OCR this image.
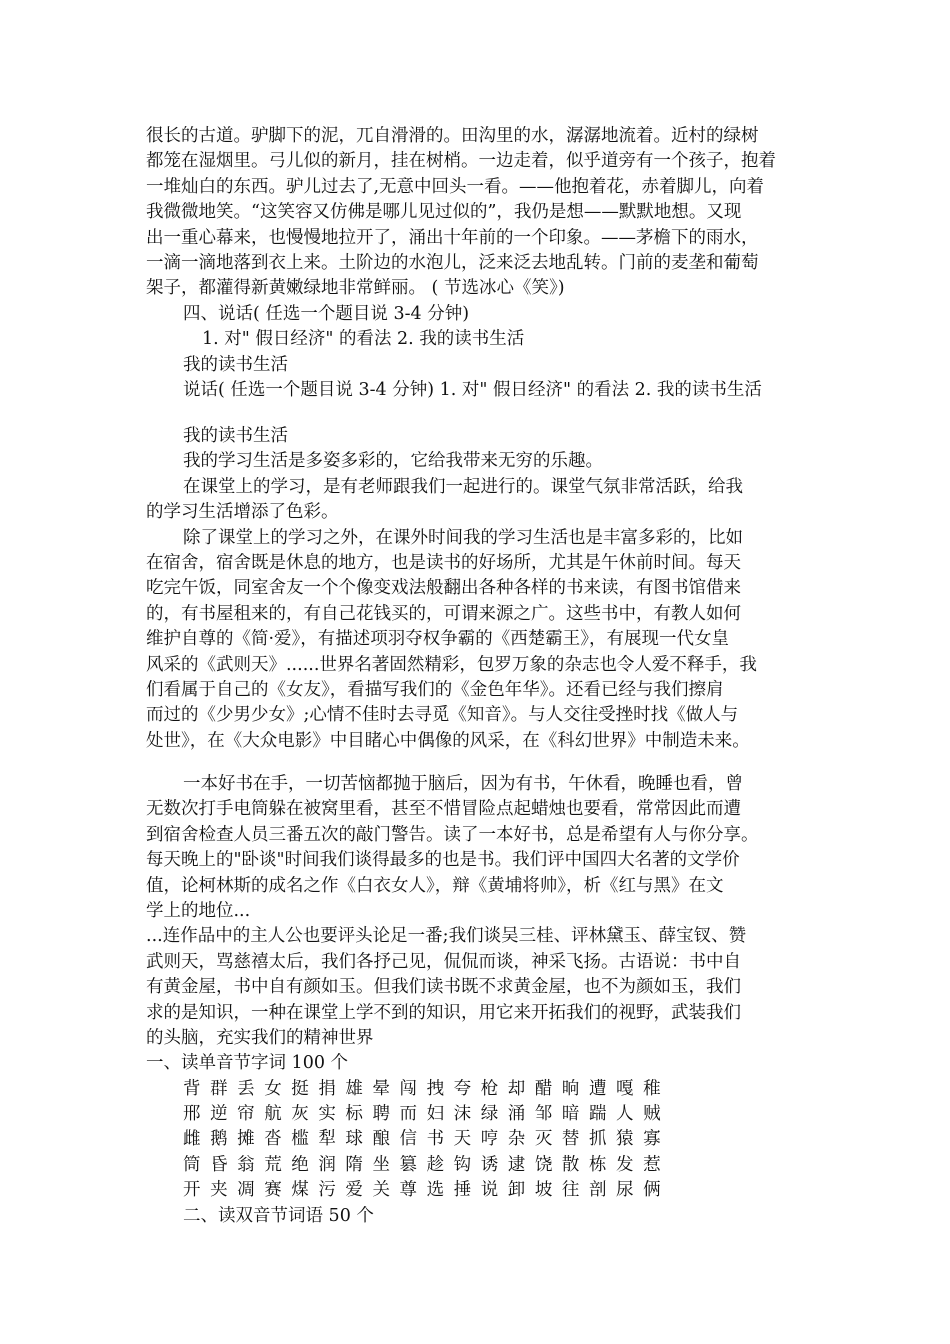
很长的古道。驴脚下的泥，兀自滑滑的。田沟里的水，潺潺地流着。近村的绿树
都笼在湿烟里。弓儿似的新月，挂在树梢。一边走着，似乎道旁有一个孩子，抱着
一堆灿白的东西。驴儿过去了,无意中回头一看。——他抱着花，赤着脚儿，向着
我微微地笑。“这笑容又仿佛是哪儿见过似的”，我仍是想——默默地想。又现
出一重心幕来，也慢慢地拉开了，涌出十年前的一个印象。——茅檐下的雨水，
一滴一滴地落到衣上来。土阶边的水泡儿，泛来泛去地乱转。门前的麦垄和葡萄
架子，都灌得新黄嫩绿地非常鲜丽。 ( 节选冰心《笑》)
四、说话( 任选一个题目说 3-4 分钟)
1. 对" 假日经济" 的看法 2. 我的读书生活
我的读书生活
说话( 任选一个题目说 3-4 分钟) 1. 对" 假日经济" 的看法 2. 我的读书生活
我的读书生活
我的学习生活是多姿多彩的，它给我带来无穷的乐趣。
在课堂上的学习，是有老师跟我们一起进行的。课堂气氛非常活跃，给我
的学习生活增添了色彩。
除了课堂上的学习之外，在课外时间我的学习生活也是丰富多彩的，比如
在宿舍，宿舍既是休息的地方，也是读书的好场所，尤其是午休前时间。每天
吃完午饭，同室舍友一个个像变戏法般翻出各种各样的书来读，有图书馆借来
的，有书屋租来的，有自己花钱买的，可谓来源之广。这些书中，有教人如何
维护自尊的《简·爱》，有描述项羽夺权争霸的《西楚霸王》，有展现一代女皇
风采的《武则天》......世界名著固然精彩，包罗万象的杂志也令人爱不释手，我
们看属于自己的《女友》，看描写我们的《金色年华》。还看已经与我们擦肩
而过的《少男少女》;心情不佳时去寻觅《知音》。与人交往受挫时找《做人与
处世》，在《大众电影》中目睹心中偶像的风采，在《科幻世界》中制造未来。
一本好书在手，一切苦恼都抛于脑后，因为有书，午休看，晚睡也看，曾
无数次打手电筒躲在被窝里看，甚至不惜冒险点起蜡烛也要看，常常因此而遭
到宿舍检查人员三番五次的敲门警告。读了一本好书，总是希望有人与你分享。
每天晚上的"卧谈"时间我们谈得最多的也是书。我们评中国四大名著的文学价
值，论柯林斯的成名之作《白衣女人》，辩《黄埔将帅》，析《红与黑》在文
学上的地位...
...连作品中的主人公也要评头论足一番;我们谈吴三桂、评林黛玉、薛宝钗、赞
武则天，骂慈禧太后，我们各抒己见，侃侃而谈，神采飞扬。古语说：书中自
有黄金屋，书中自有颜如玉。但我们读书既不求黄金屋，也不为颜如玉，我们
求的是知识，一种在课堂上学不到的知识，用它来开拓我们的视野，武装我们
的头脑，充实我们的精神世界
一、读单音节字词 100 个
背 群 丢 女 挺 捐 雄 晕 闯 拽 夸 枪 却 醋 晌 遭 嘎 稚
邢 逆 帘 航 灰 实 标 聘 而 妇 沫 绿 涌 邹 暗 踹 人 贼
雌 鹅 摊 沓 槛 犁 球 酿 信 书 天 哼 杂 灭 替 抓 猿 寡
筒 昏 翁 荒 绝 润 隋 坐 篡 趁 钩 诱 逮 饶 散 栋 发 惹
开 夹 凋 赛 煤 污 爱 关 尊 选 捶 说 卸 坡 往 剖 尿 俩
二、读双音节词语 50 个
